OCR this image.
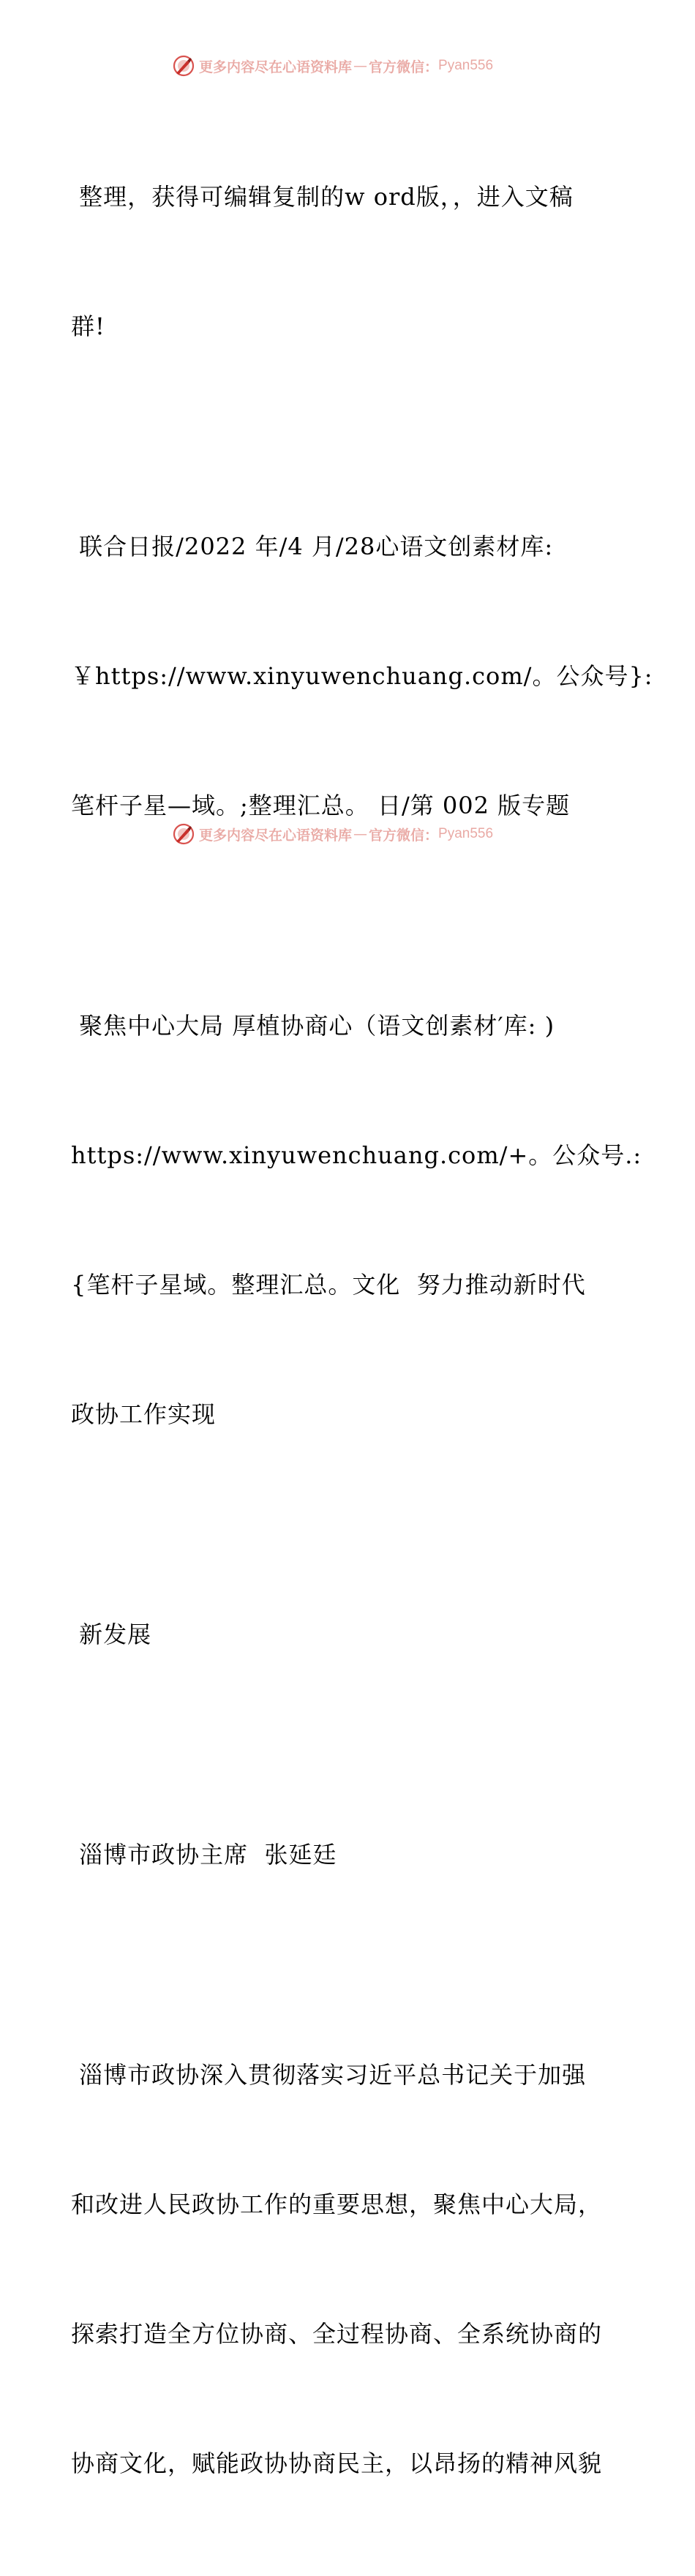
更多内容尽在心语资料库 — 官方微信： Pyan556

整理，获得可编辑复制的w ord版，，进入文稿

群!

联合日报/2022 年/4 月/28心语文创素材库:

￥https://www.xinyuwenchuang.com/。公众号}:

笔杆子星—域。;整理汇总。 日/第 002 版专题

聚焦中心大局 厚植协商心（语文创素材′库: )

https://www.xinyuwenchuang.com/+。公众号.:

{笔杆子星域。整理汇总。文化  努力推动新时代

政协工作实现

新发展

淄博市政协主席  张延廷

淄博市政协深入贯彻落实习近平总书记关于加强

和改进人民政协工作的重要思想，聚焦中心大局，

探索打造全方位协商、全过程协商、全系统协商的

协商文化，赋能政协协商民主，以昂扬的精神风貌

更多内容尽在心语资料库 — 官方微信： Pyan556
